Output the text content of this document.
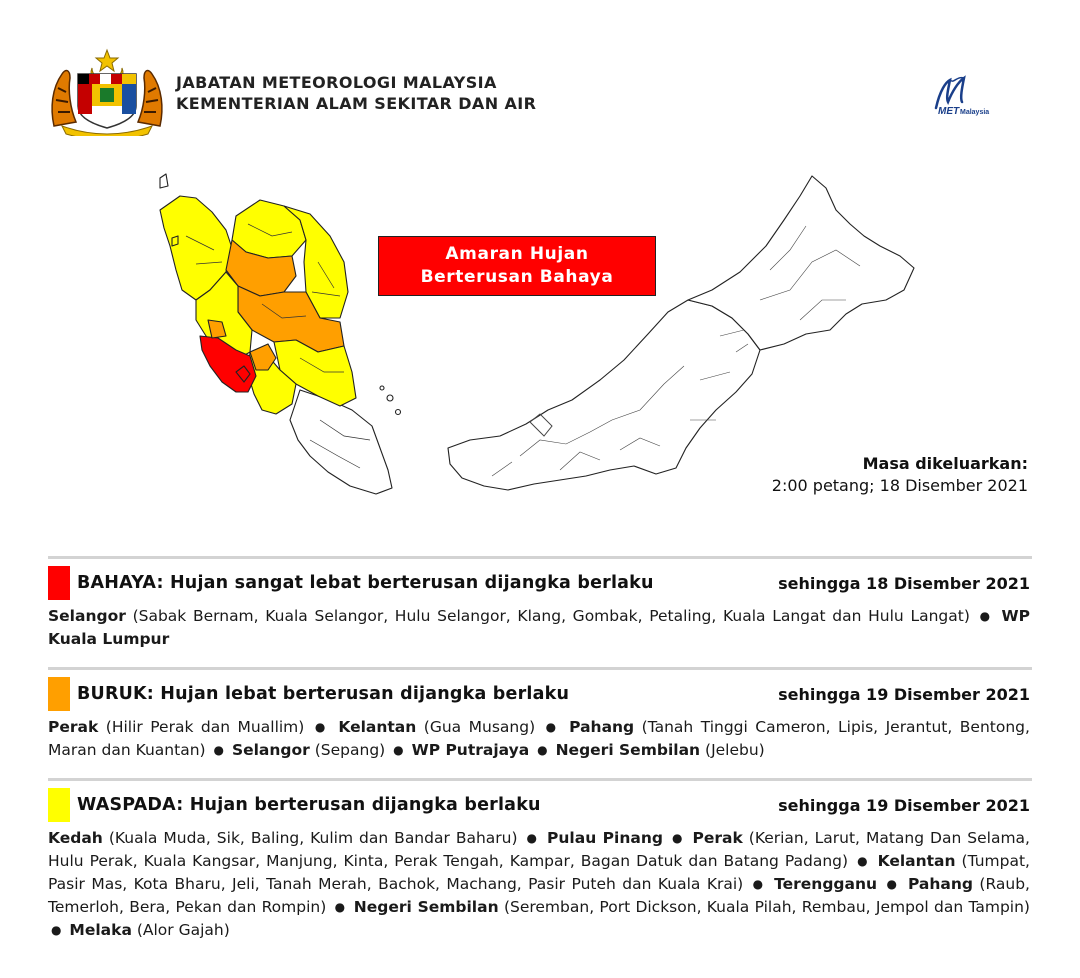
JABATAN METEOROLOGI MALAYSIA
KEMENTERIAN ALAM SEKITAR DAN AIR	MET Malaysia
Amaran Hujan
Berterusan Bahaya
Masa dikeluarkan:
2:00 petang; 18 Disember 2021
BAHAYA: Hujan sangat lebat berterusan dijangka berlaku	sehingga 18 Disember 2021
Selangor (Sabak Bernam, Kuala Selangor, Hulu Selangor, Klang, Gombak, Petaling, Kuala Langat dan Hulu Langat) ● WP Kuala Lumpur
BURUK: Hujan lebat berterusan dijangka berlaku	sehingga 19 Disember 2021
Perak (Hilir Perak dan Muallim) ● Kelantan (Gua Musang) ● Pahang (Tanah Tinggi Cameron, Lipis, Jerantut, Bentong, Maran dan Kuantan) ● Selangor (Sepang) ● WP Putrajaya ● Negeri Sembilan (Jelebu)
WASPADA: Hujan berterusan dijangka berlaku	sehingga 19 Disember 2021
Kedah (Kuala Muda, Sik, Baling, Kulim dan Bandar Baharu) ● Pulau Pinang ● Perak (Kerian, Larut, Matang Dan Selama, Hulu Perak, Kuala Kangsar, Manjung, Kinta, Perak Tengah, Kampar, Bagan Datuk dan Batang Padang) ● Kelantan (Tumpat, Pasir Mas, Kota Bharu, Jeli, Tanah Merah, Bachok, Machang, Pasir Puteh dan Kuala Krai) ● Terengganu ● Pahang (Raub, Temerloh, Bera, Pekan dan Rompin) ● Negeri Sembilan (Seremban, Port Dickson, Kuala Pilah, Rembau, Jempol dan Tampin) ● Melaka (Alor Gajah)
